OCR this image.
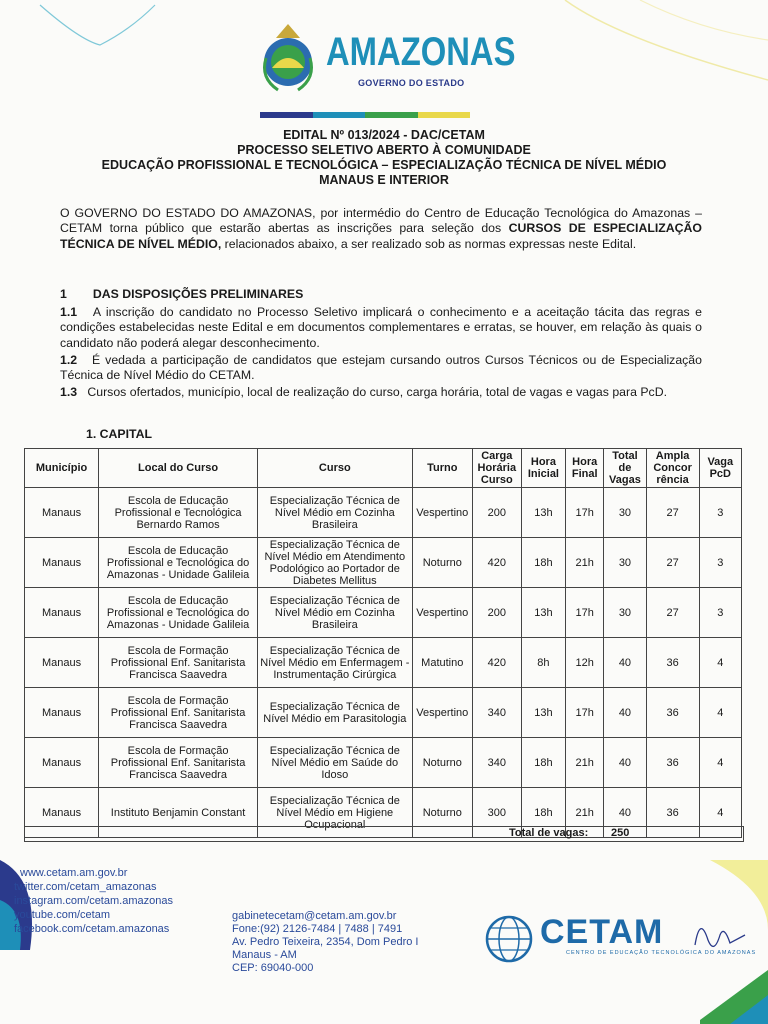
AMAZONAS
GOVERNO DO ESTADO
EDITAL Nº 013/2024 - DAC/CETAM
PROCESSO SELETIVO ABERTO À COMUNIDADE
EDUCAÇÃO PROFISSIONAL E TECNOLÓGICA – ESPECIALIZAÇÃO TÉCNICA DE NÍVEL MÉDIO
MANAUS E INTERIOR
O GOVERNO DO ESTADO DO AMAZONAS, por intermédio do Centro de Educação Tecnológica do Amazonas – CETAM torna público que estarão abertas as inscrições para seleção dos CURSOS DE ESPECIALIZAÇÃO TÉCNICA DE NÍVEL MÉDIO, relacionados abaixo, a ser realizado sob as normas expressas neste Edital.
1 DAS DISPOSIÇÕES PRELIMINARES
1.1 A inscrição do candidato no Processo Seletivo implicará o conhecimento e a aceitação tácita das regras e condições estabelecidas neste Edital e em documentos complementares e erratas, se houver, em relação às quais o candidato não poderá alegar desconhecimento.
1.2 É vedada a participação de candidatos que estejam cursando outros Cursos Técnicos ou de Especialização Técnica de Nível Médio do CETAM.
1.3 Cursos ofertados, município, local de realização do curso, carga horária, total de vagas e vagas para PcD.
1. CAPITAL
Município	Local do Curso	Curso	Turno	Carga Horária Curso	Hora Inicial	Hora Final	Total de Vagas	Ampla Concor rência	Vaga PcD
Manaus	Escola de Educação Profissional e Tecnológica Bernardo Ramos	Especialização Técnica de Nível Médio em Cozinha Brasileira	Vespertino	200	13h	17h	30	27	3
Manaus	Escola de Educação Profissional e Tecnológica do Amazonas - Unidade Galileia	Especialização Técnica de Nível Médio em Atendimento Podológico ao Portador de Diabetes Mellitus	Noturno	420	18h	21h	30	27	3
Manaus	Escola de Educação Profissional e Tecnológica do Amazonas - Unidade Galileia	Especialização Técnica de Nível Médio em Cozinha Brasileira	Vespertino	200	13h	17h	30	27	3
Manaus	Escola de Formação Profissional Enf. Sanitarista Francisca Saavedra	Especialização Técnica de Nível Médio em Enfermagem - Instrumentação Cirúrgica	Matutino	420	8h	12h	40	36	4
Manaus	Escola de Formação Profissional Enf. Sanitarista Francisca Saavedra	Especialização Técnica de Nível Médio em Parasitologia	Vespertino	340	13h	17h	40	36	4
Manaus	Escola de Formação Profissional Enf. Sanitarista Francisca Saavedra	Especialização Técnica de Nível Médio em Saúde do Idoso	Noturno	340	18h	21h	40	36	4
Manaus	Instituto Benjamin Constant	Especialização Técnica de Nível Médio em Higiene Ocupacional	Noturno	300	18h	21h	40	36	4
Total de vagas: 250
www.cetam.am.gov.br
twitter.com/cetam_amazonas
instagram.com/cetam.amazonas
youtube.com/cetam
facebook.com/cetam.amazonas
gabinetecetam@cetam.am.gov.br
Fone:(92) 2126-7484 | 7488 | 7491
Av. Pedro Teixeira, 2354, Dom Pedro I
Manaus - AM
CEP: 69040-000
CETAM
CENTRO DE EDUCAÇÃO TECNOLÓGICA DO AMAZONAS
